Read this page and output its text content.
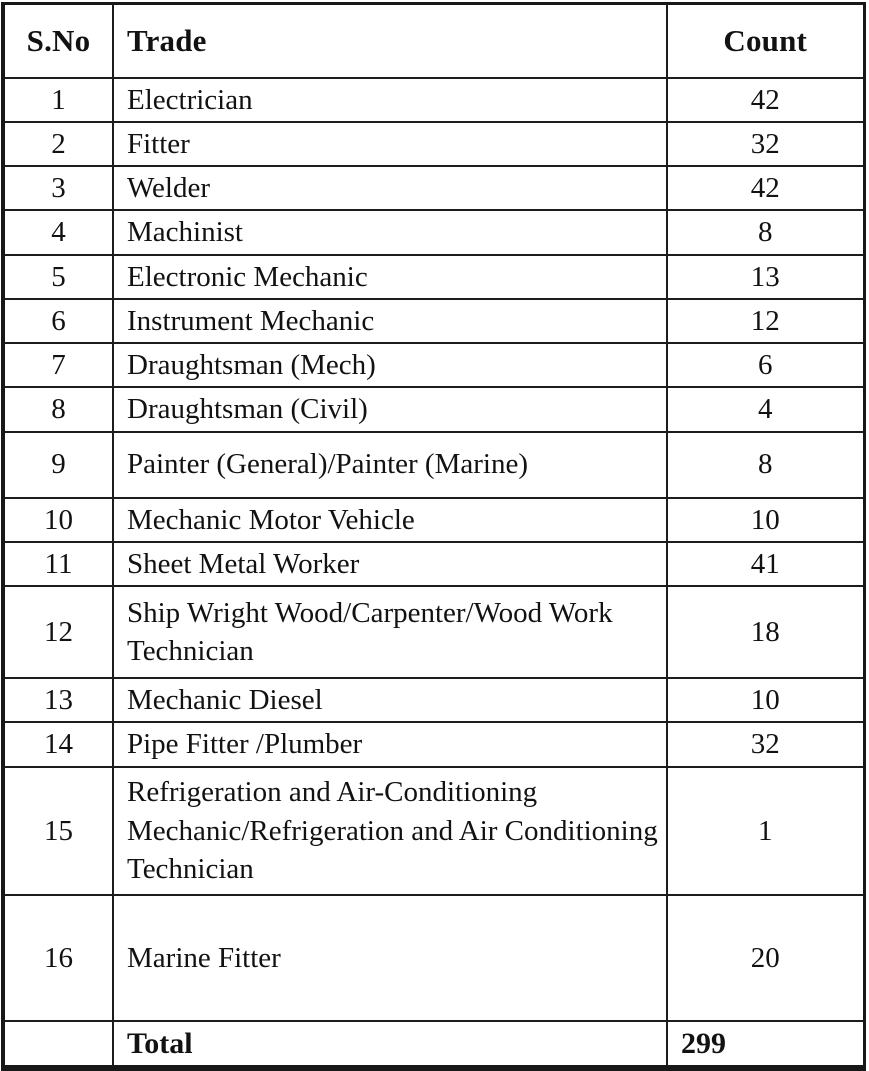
S.No	Trade	Count
1	Electrician	42
2	Fitter	32
3	Welder	42
4	Machinist	8
5	Electronic Mechanic	13
6	Instrument Mechanic	12
7	Draughtsman (Mech)	6
8	Draughtsman (Civil)	4
9	Painter (General)/Painter (Marine)	8
10	Mechanic Motor Vehicle	10
11	Sheet Metal Worker	41
12	Ship Wright Wood/Carpenter/Wood Work Technician	18
13	Mechanic Diesel	10
14	Pipe Fitter /Plumber	32
15	Refrigeration and Air-Conditioning Mechanic/Refrigeration and Air Conditioning Technician	1
16	Marine Fitter	20
	Total	299
